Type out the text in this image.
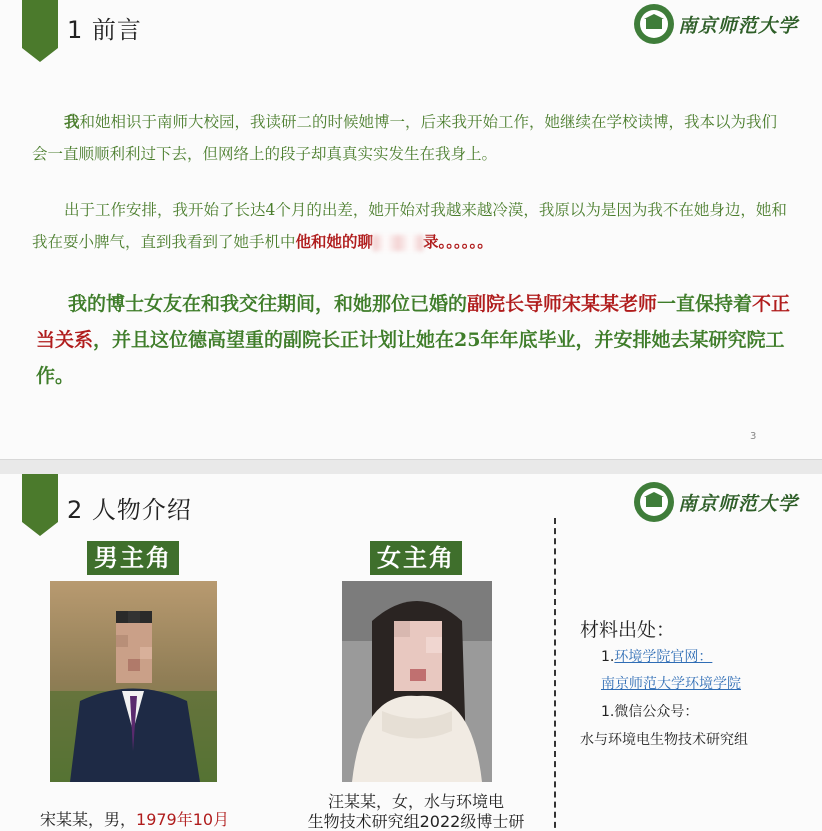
1 前言	南京师范大学
我和她相识于南师大校园，我读研二的时候她博一，后来我开始工作，她继续在学校读博，我本以为我们会一直顺顺利利过下去，但网络上的段子却真真实实发生在我身上。
出于工作安排，我开始了长达4个月的出差，她开始对我越来越冷漠，我原以为是因为我不在她身边，她和我在耍小脾气，直到我看到了她手机中他和她的聊	录。。。。。。
我的博士女友在和我交往期间，和她那位已婚的副院长导师宋某某老师一直保持着不正当关系，并且这位德高望重的副院长正计划让她在25年年底毕业，并安排她去某研究院工作。
3
2 人物介绍	南京师范大学
男主角
宋某某，男，1979年10月
女主角
汪某某，女，水与环境电
生物技术研究组2022级博士研
材料出处：
1.环境学院官网：
南京师范大学环境学院
1.微信公众号：
水与环境电生物技术研究组
